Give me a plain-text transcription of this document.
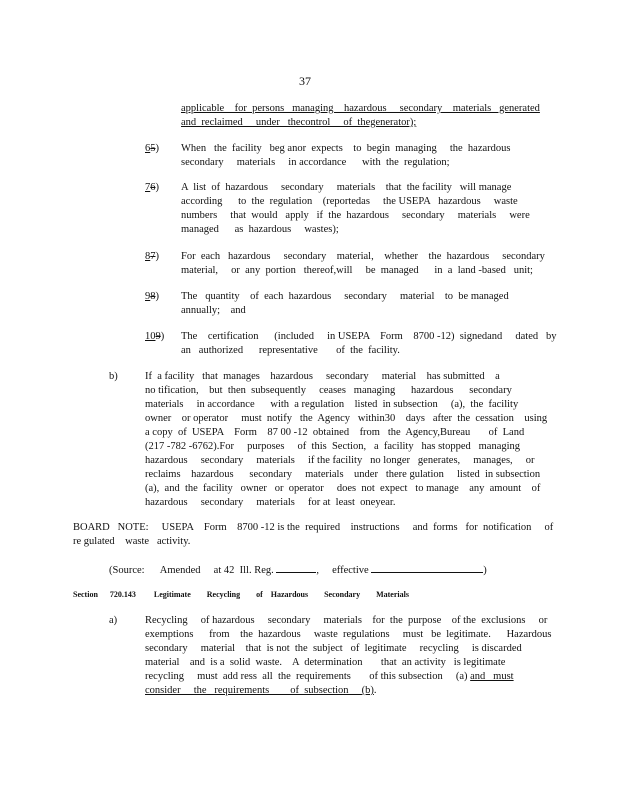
37

applicable    for  persons   managing    hazardous     secondary    materials   generated

and  reclaimed     under   thecontrol     of  thegenerator);

65) When   the  facility   beg anor  expects    to  begin  managing     the  hazardous

secondary     materials     in accordance      with  the  regulation;

76) A  list  of  hazardous     secondary     materials    that  the facility   will manage

according      to  the  regulation    (reportedas     the USEPA   hazardous     waste

numbers     that  would   apply   if  the  hazardous     secondary     materials     were

managed      as  hazardous     wastes);

87) For  each   hazardous     secondary    material,    whether    the  hazardous     secondary

material,     or  any  portion   thereof,will     be  managed      in  a  land -based   unit;

98) The   quantity    of  each  hazardous     secondary     material    to  be managed

annually;    and

109) The    certification      (included     in USEPA    Form    8700 -12)  signedand     dated   by

an   authorized      representative       of  the  facility.

b)	If  a facility   that  manages    hazardous     secondary     material    has submitted    a

no tification,    but  then  subsequently     ceases   managing      hazardous      secondary

materials     in accordance      with  a regulation    listed  in subsection     (a),  the  facility

owner    or operator     must  notify   the  Agency   within30    days   after  the  cessation    using

a copy  of  USEPA    Form    87 00 -12  obtained    from   the  Agency,Bureau       of  Land

(217 -782 -6762).For     purposes     of  this  Section,   a  facility   has stopped   managing

hazardous     secondary     materials     if the facility   no longer   generates,     manages,     or

reclaims    hazardous      secondary     materials    under   there gulation     listed  in subsection

(a),  and  the  facility   owner   or  operator     does  not  expect   to manage    any  amount    of

hazardous     secondary     materials     for at  least  oneyear.

BOARD   NOTE:     USEPA    Form    8700 -12 is the  required    instructions     and  forms   for  notification     of

re gulated    waste   activity.

(Source:      Amended     at 42  Ill. Reg.	,     effective	)

Section 720.143 Legitimate        Recycling        of    Hazardous        Secondary        Materials

a)	Recycling     of hazardous     secondary     materials    for  the  purpose    of the  exclusions     or

exemptions      from    the  hazardous     waste  regulations     must   be  legitimate.      Hazardous

secondary     material    that  is not  the  subject   of  legitimate     recycling     is discarded

material    and  is a  solid  waste.    A  determination       that  an activity   is legitimate

recycling     must  add ress  all  the  requirements       of this subsection     (a) and   must

consider     the   requirements        of  subsection     (b).
